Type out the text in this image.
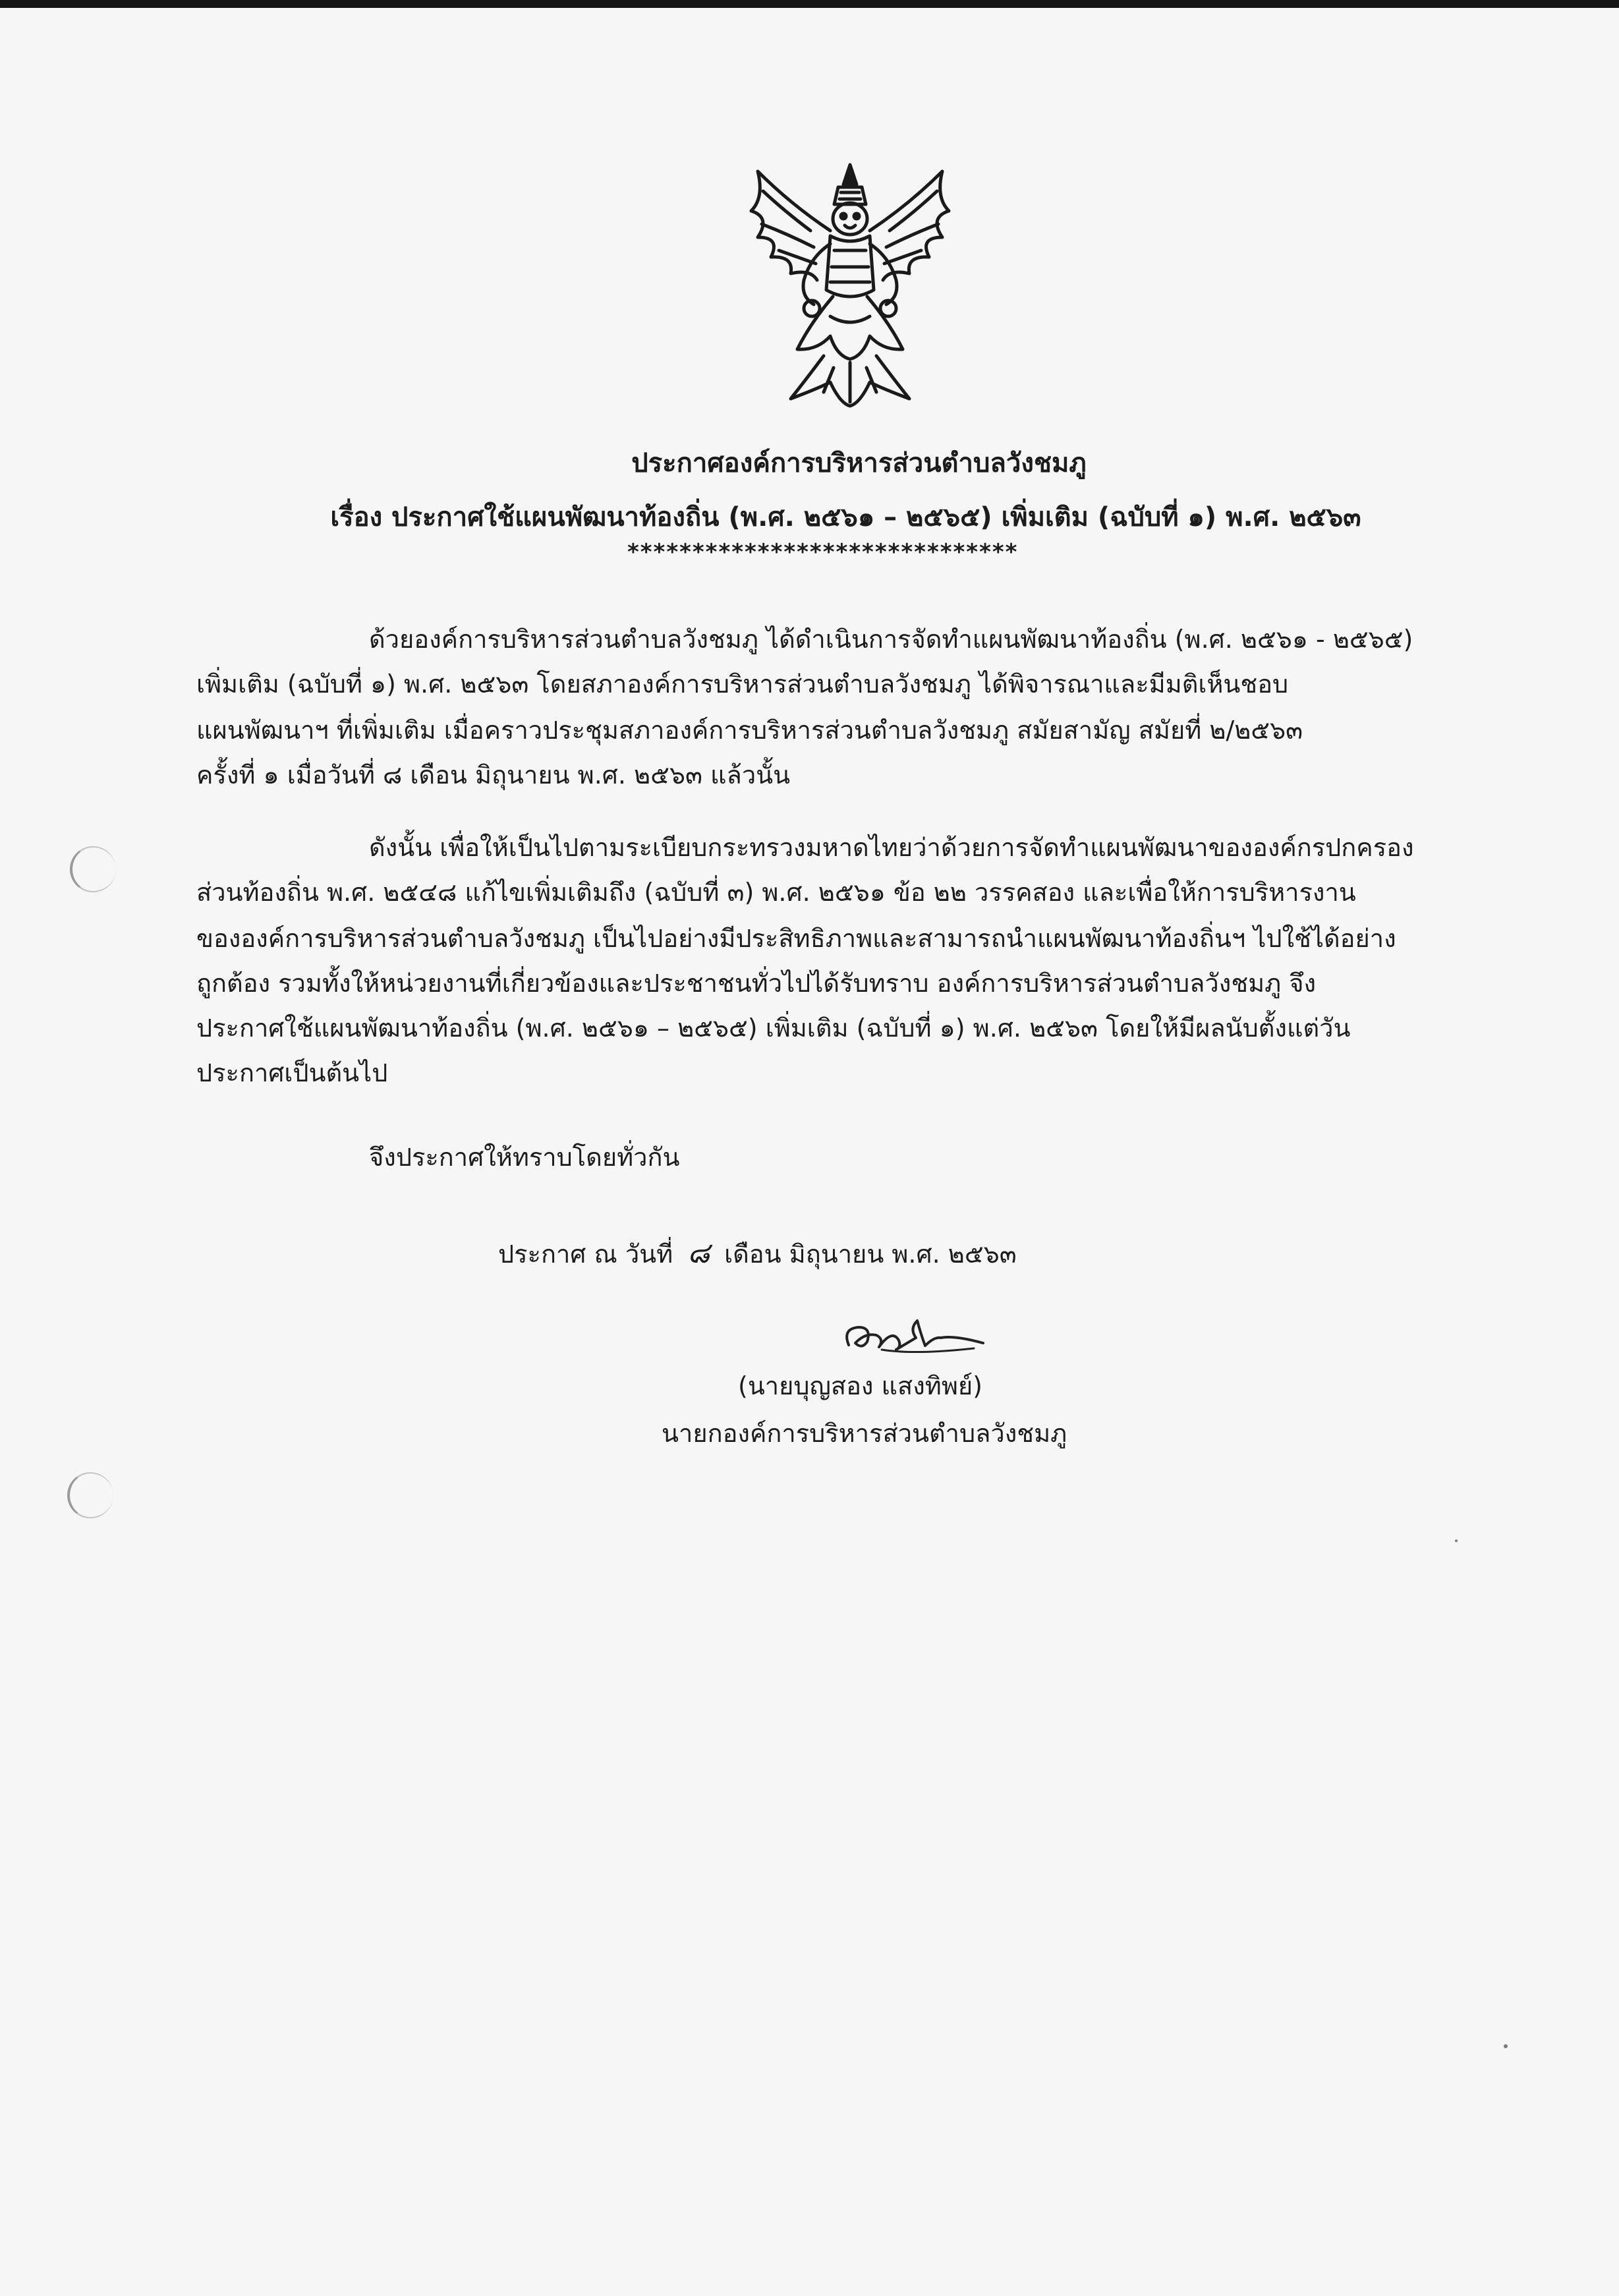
ประกาศองค์การบริหารส่วนตำบลวังชมภู
เรื่อง ประกาศใช้แผนพัฒนาท้องถิ่น (พ.ศ. ๒๕๖๑ – ๒๕๖๕) เพิ่มเติม (ฉบับที่ ๑) พ.ศ. ๒๕๖๓
******************************
ด้วยองค์การบริหารส่วนตำบลวังชมภู ได้ดำเนินการจัดทำแผนพัฒนาท้องถิ่น (พ.ศ. ๒๕๖๑ - ๒๕๖๕)
เพิ่มเติม (ฉบับที่ ๑) พ.ศ. ๒๕๖๓ โดยสภาองค์การบริหารส่วนตำบลวังชมภู ได้พิจารณาและมีมติเห็นชอบ
แผนพัฒนาฯ ที่เพิ่มเติม เมื่อคราวประชุมสภาองค์การบริหารส่วนตำบลวังชมภู สมัยสามัญ สมัยที่ ๒/๒๕๖๓
ครั้งที่ ๑ เมื่อวันที่ ๘ เดือน มิถุนายน พ.ศ. ๒๕๖๓ แล้วนั้น
ดังนั้น เพื่อให้เป็นไปตามระเบียบกระทรวงมหาดไทยว่าด้วยการจัดทำแผนพัฒนาขององค์กรปกครอง
ส่วนท้องถิ่น พ.ศ. ๒๕๔๘ แก้ไขเพิ่มเติมถึง (ฉบับที่ ๓) พ.ศ. ๒๕๖๑ ข้อ ๒๒ วรรคสอง และเพื่อให้การบริหารงาน
ขององค์การบริหารส่วนตำบลวังชมภู เป็นไปอย่างมีประสิทธิภาพและสามารถนำแผนพัฒนาท้องถิ่นฯ ไปใช้ได้อย่าง
ถูกต้อง รวมทั้งให้หน่วยงานที่เกี่ยวข้องและประชาชนทั่วไปได้รับทราบ องค์การบริหารส่วนตำบลวังชมภู จึง
ประกาศใช้แผนพัฒนาท้องถิ่น (พ.ศ. ๒๕๖๑ – ๒๕๖๕) เพิ่มเติม (ฉบับที่ ๑) พ.ศ. ๒๕๖๓ โดยให้มีผลนับตั้งแต่วัน
ประกาศเป็นต้นไป
จึงประกาศให้ทราบโดยทั่วกัน
ประกาศ ณ วันที่ ๘ เดือน มิถุนายน พ.ศ. ๒๕๖๓
(นายบุญสอง แสงทิพย์)
นายกองค์การบริหารส่วนตำบลวังชมภู
